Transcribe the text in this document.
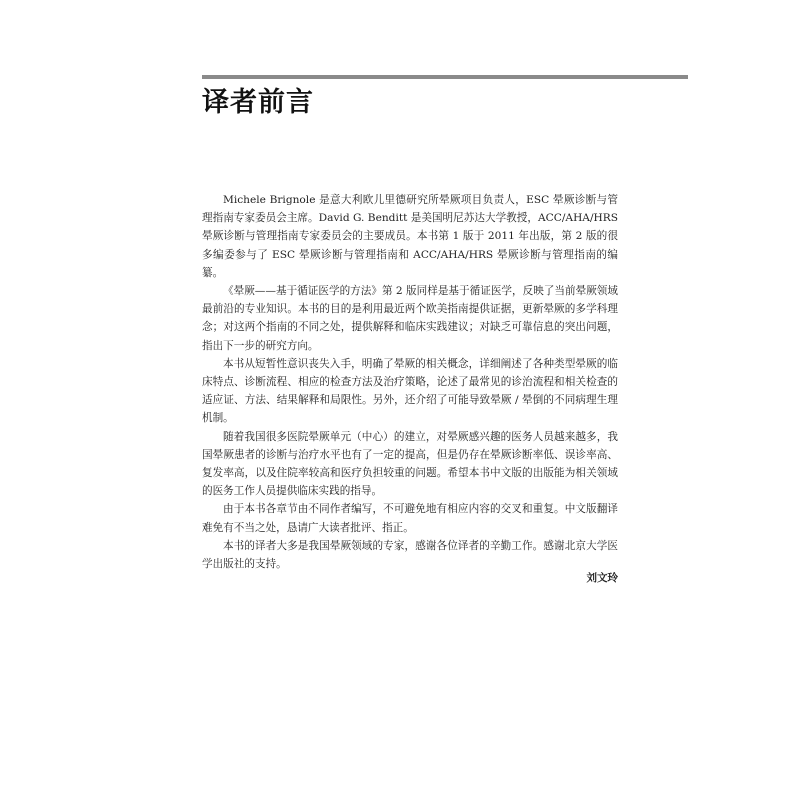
译者前言

Michele Brignole 是意大利欧儿里德研究所晕厥项目负责人，ESC 晕厥诊断与管理指南专家委员会主席。David G. Benditt 是美国明尼苏达大学教授，ACC/AHA/HRS 晕厥诊断与管理指南专家委员会的主要成员。本书第 1 版于 2011 年出版，第 2 版的很多编委参与了 ESC 晕厥诊断与管理指南和 ACC/AHA/HRS 晕厥诊断与管理指南的编纂。

《晕厥——基于循证医学的方法》第 2 版同样是基于循证医学，反映了当前晕厥领域最前沿的专业知识。本书的目的是利用最近两个欧美指南提供证据，更新晕厥的多学科理念；对这两个指南的不同之处，提供解释和临床实践建议；对缺乏可靠信息的突出问题，指出下一步的研究方向。

本书从短暂性意识丧失入手，明确了晕厥的相关概念，详细阐述了各种类型晕厥的临床特点、诊断流程、相应的检查方法及治疗策略，论述了最常见的诊治流程和相关检查的适应证、方法、结果解释和局限性。另外，还介绍了可能导致晕厥 / 晕倒的不同病理生理机制。

随着我国很多医院晕厥单元（中心）的建立，对晕厥感兴趣的医务人员越来越多，我国晕厥患者的诊断与治疗水平也有了一定的提高，但是仍存在晕厥诊断率低、误诊率高、复发率高，以及住院率较高和医疗负担较重的问题。希望本书中文版的出版能为相关领域的医务工作人员提供临床实践的指导。

由于本书各章节由不同作者编写，不可避免地有相应内容的交叉和重复。中文版翻译难免有不当之处，恳请广大读者批评、指正。

本书的译者大多是我国晕厥领域的专家，感谢各位译者的辛勤工作。感谢北京大学医学出版社的支持。

刘文玲
